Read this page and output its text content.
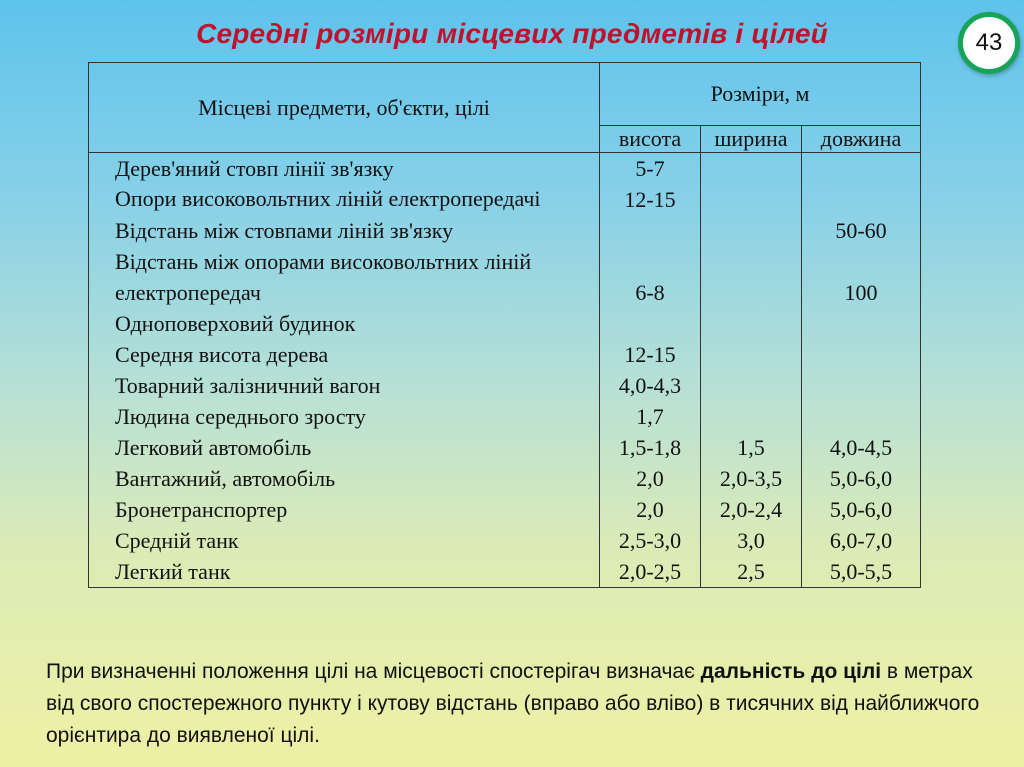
Середні розміри місцевих предметів і цілей	43
Місцеві предмети, об'єкти, цілі	Розміри, м		
	висота	ширина	довжина
Дерев'яний стовп лінії зв'язку	5-7		
Опори високовольтних ліній електропередачі	12-15		
Відстань між стовпами ліній зв'язку			50-60
Відстань між опорами високовольтних ліній електропередач	6-8		100
Одноповерховий будинок			
Середня висота дерева	12-15		
Товарний залізничний вагон	4,0-4,3		
Людина середнього зросту	1,7		
Легковий автомобіль	1,5-1,8	1,5	4,0-4,5
Вантажний, автомобіль	2,0	2,0-3,5	5,0-6,0
Бронетранспортер	2,0	2,0-2,4	5,0-6,0
Средній танк	2,5-3,0	3,0	6,0-7,0
Легкий танк	2,0-2,5	2,5	5,0-5,5
При визначенні положення цілі на місцевості спостерігач визначає дальність до цілі в метрах від свого спостережного пункту і кутову відстань (вправо або вліво) в тисячних від найближчого орієнтира до виявленої цілі.
